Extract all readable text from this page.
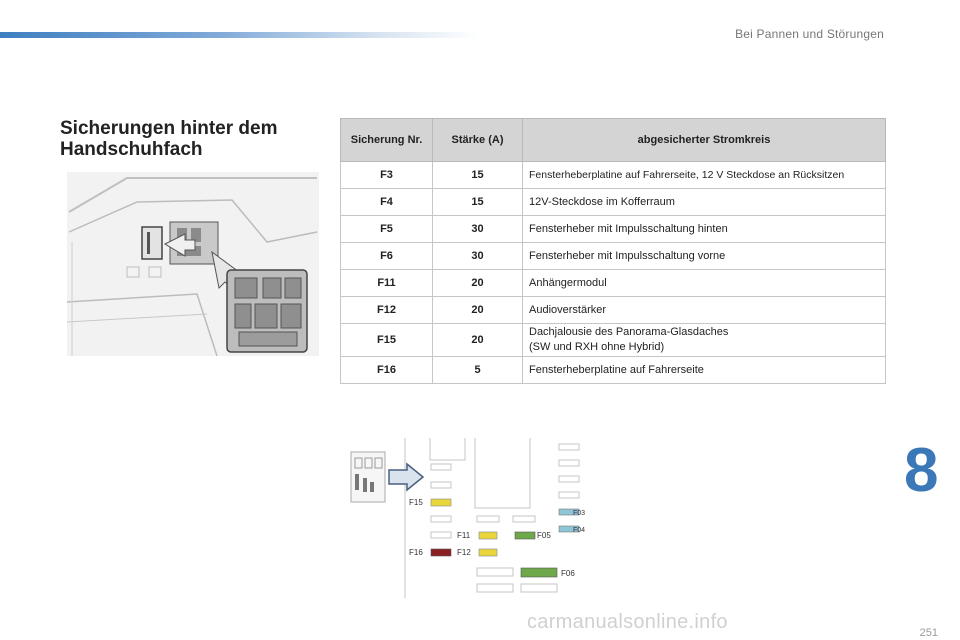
Bei Pannen und Störungen
Sicherungen hinter dem Handschuhfach	Sicherung Nr.	Stärke (A)	abgesicherter Stromkreis
F3	15	Fensterheberplatine auf Fahrerseite, 12 V Steckdose an Rücksitzen
F4	15	12V-Steckdose im Kofferraum
F5	30	Fensterheber mit Impulsschaltung hinten
F6	30	Fensterheber mit Impulsschaltung vorne
F11	20	Anhängermodul
F12	20	Audioverstärker
F15	20	Dachjalousie des Panorama-Glasdaches
(SW und RXH ohne Hybrid)

F16	5	Fensterheberplatine auf Fahrerseite
F15
F16
F11
F12
F05
F03
F04
F06
8
251
carmanualsonline.info
